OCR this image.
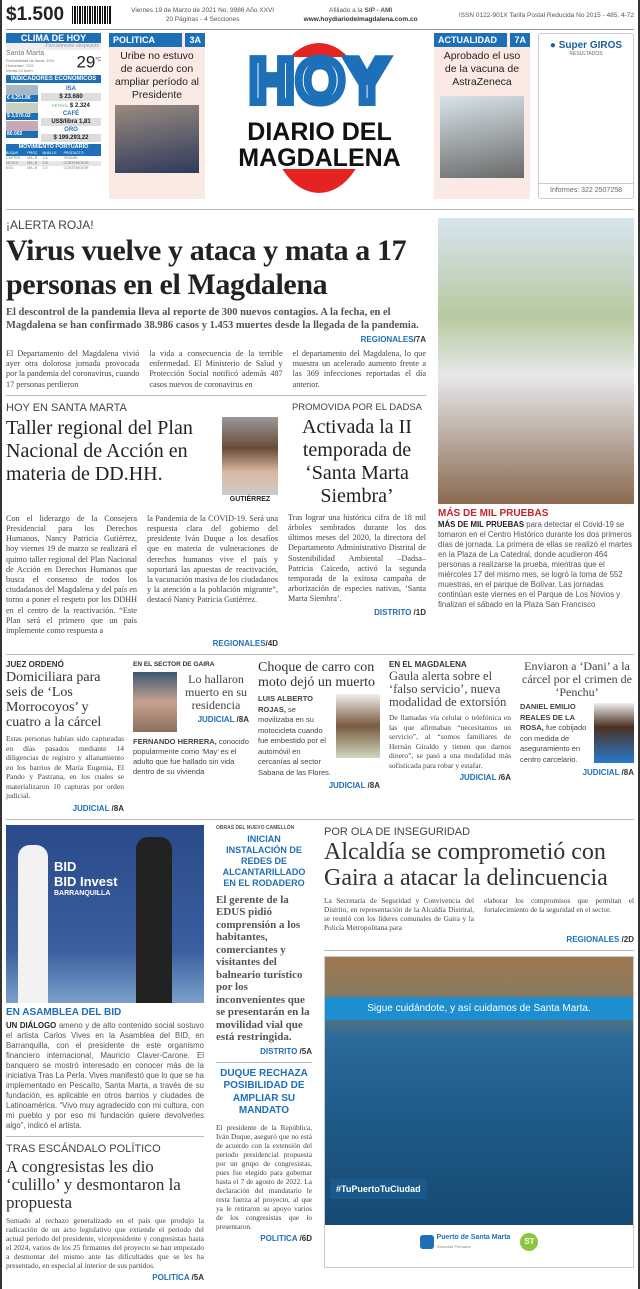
$1.500	Viernes 19 de Marzo de 2021 No. 9986 Año XXVI
20 Páginas - 4 Secciones
Afiliado a la SIP - AMI
www.hoydiariodelmagdalena.com.co
ISSN 0122-901X Tarifa Postal Reducida No 2015 - 485. 4-72
CLIMA DE HOY
Parcialmente despejado
Santa Marta
Probabilidad de lluvia: 10%
Humedad: 72%
Viento:24 km/h	$29^{^\circ C}$
INDICADORES ECONÓMICOS
€ 4,251.86
$ 3,570.02
80.002
ISA
$ 23.680
PETROL $ 2.324
CAFÉ
US$/libra 1,81
ORO
$ 199.293,22
MOVIMIENTO PORTUARIO
BUQUE	PROC	MUELLE	PRODUCTO
CAPTEN	MA.-R	1.8	GRANEL
NOTEX	MA.-R	2.B	CONTENEDOR
EXO	MA.-R	2.3	CONTENEDOR
POLITICA	3A
Uribe no estuvo de acuerdo con ampliar período al Presidente	HOY
DIARIO DEL
MAGDALENA
ACTUALIDAD	7A
Aprobado el uso de la vacuna de AstraZeneca
● Super GIROS
RESULTADOS
Informes: 322 2507258
¡ALERTA ROJA!
Virus vuelve y ataca y mata a 17 personas en el Magdalena
El descontrol de la pandemia lleva al reporte de 300 nuevos contagios. A la fecha, en el Magdalena se han confirmado 38.986 casos y 1.453 muertes desde la llegada de la pandemia.
REGIONALES/7A
El Departamento del Magdalena vivió ayer otra dolorosa jornada provocada por la pandemia del coronavirus, cuando 17 personas perdieron
la vida a consecuencia de la terrible enfermedad. El Ministerio de Salud y Protección Social notificó además 487 casos nuevos de coronavirus en
el departamento del Magdalena, lo que muestra un acelerado aumento frente a las 369 infecciones reportadas el día anterior.
HOY EN SANTA MARTA
GUTIÉRREZ
Taller regional del Plan Nacional de Acción en materia de DD.HH.
Con el liderazgo de la Consejera Presidencial para los Derechos Humanos, Nancy Patricia Gutiérrez, hoy viernes 19 de marzo se realizará el quinto taller regional del Plan Nacional de Acción en Derechos Humanos que busca el consenso de todos los ciudadanos del Magdalena y del país en torno a poner el respeto por los DDHH en el centro de la reactivación. “Este Plan será el primero que un país implemente como respuesta a
la Pandemia de la COVID-19. Será una respuesta clara del gobierno del presidente Iván Duque a los desafíos que en materia de vulneraciones de derechos humanos vive el país y soportará las apuestas de reactivación, la vacunación masiva de los ciudadanos y la atención a la población migrante”, destacó Nancy Patricia Gutiérrez.
REGIONALES/4D
PROMOVIDA POR EL DADSA
Activada la II temporada de ‘Santa Marta Siembra’
Tras lograr una histórica cifra de 18 mil árboles sembrados durante los dos últimos meses del 2020, la directora del Departamento Administrativo Distrital de Sostenibilidad Ambiental –Dadsa– Patricia Caicedo, activó la segunda temporada de la exitosa campaña de arborización de especies nativas, ‘Santa Marta Siembra’.
DISTRITO /1D
MÁS DE MIL PRUEBAS
MÁS DE MIL PRUEBAS para detectar el Covid-19 se tomaron en el Centro Histórico durante los dos primeros días de jornada. La primera de ellas se realizó el martes en la Plaza de La Catedral, donde acudieron 464 personas a realizarse la prueba, mientras que el miércoles 17 del mismo mes, se logró la toma de 552 muestras, en el parque de Bolívar. Las jornadas continúan este viernes en el Parque de Los Novios y finalizan el sábado en la Plaza San Francisco
JUEZ ORDENÓ
Domiciliara para seis de ‘Los Morrocoyos’ y cuatro a la cárcel
Estas personas habían sido capturadas en días pasados mediante 14 diligencias de registro y allanamiento en los barrios de María Eugenia, El Pando y Pastrana, en los cuales se materializaron 10 capturas por orden judicial.
JUDICIAL /8A
EN EL SECTOR DE GAIRA
Lo hallaron muerto en su residencia
JUDICIAL /8A
FERNANDO HERRERA, conocido popularmente como ‘May’ es el adulto que fue hallado sin vida dentro de su vivienda
Choque de carro con moto dejó un muerto
LUIS ALBERTO ROJAS, se movilizaba en su motocicleta cuando fue embestido por el automóvil en cercanías al sector Sabana de las Flores.
JUDICIAL /8A
EN EL MAGDALENA
Gaula alerta sobre el ‘falso servicio’, nueva modalidad de extorsión
De llamadas vía celular o telefónica en las que afirmaban “necesitamos un servicio”, al “somos familiares de Hernán Giraldo y tienen que darnos dinero”, se pasó a una modalidad más sofisticada para robar y estafar.
JUDICIAL /6A
Enviaron a ‘Dani’ a la cárcel por el crimen de ‘Penchu’
DANIEL EMILIO REALES DE LA ROSA, fue cobijado con medida de aseguramiento en centro carcelario.
JUDICIAL /8A
BID
BID Invest
BARRANQUILLA
EN ASAMBLEA DEL BID
UN DIÁLOGO ameno y de alto contenido social sostuvo el artista Carlos Vives en la Asamblea del BID, en Barranquilla, con el presidente de este organismo financiero internacional, Mauricio Claver-Carone. El banquero se mostró interesado en conocer más de la iniciativa Tras La Perla. Vives manifestó que lo que se ha implementado en Pescaíto, Santa Marta, a través de su fundación, es aplicable en otros barrios y ciudades de Latinoamérica. “Vivo muy agradecido con mi cultura, con mi pueblo y por eso mi fundación quiere devolverles algo”, indicó el artista.
TRAS ESCÁNDALO POLÍTICO
A congresistas les dio ‘culillo’ y desmontaron la propuesta
Sumado al rechazo generalizado en el país que produjo la radicación de un acto legislativo que extiende el periodo del actual período del presidente, vicepresidente y congresistas hasta el 2024, varios de los 25 firmantes del proyecto se han empezado a desmontar del mismo ante las dificultades que se les ha presentado, en especial al interior de sus partidos.
POLITICA /5A
OBRAS DEL NUEVO CAMELLÓN
INICIAN INSTALACIÓN DE REDES DE ALCANTARILLADO EN EL RODADERO
El gerente de la EDUS pidió comprensión a los habitantes, comerciantes y visitantes del balneario turístico por los inconvenientes que se presentarán en la movilidad vial que está restringida.
DISTRITO /5A
DUQUE RECHAZA POSIBILIDAD DE AMPLIAR SU MANDATO
El presidente de la República, Iván Duque, aseguró que no está de acuerdo con la extensión del periodo presidencial propuesta por un grupo de congresistas, pues fue elegido para gobernar hasta el 7 de agosto de 2022. La declaración del mandatario le resta fuerza al proyecto, al que ya le retiraron su apoyo varios de los congresistas que lo presentaron.
POLITICA /6D
POR OLA DE INSEGURIDAD
Alcaldía se comprometió con Gaira a atacar la delincuencia
La Secretaría de Seguridad y Convivencia del Distrito, en representación de la Alcaldía Distrital, se reunió con los líderes comunales de Gaira y la Policía Metropolitana para
elaborar los compromisos que permitan el fortalecimiento de la seguridad en el sector.
REGIONALES /2D
Sigue cuidándote, y así cuidamos de Santa Marta.
#TuPuertoTuCiudad
Puerto de Santa Marta
Sociedad Portuaria
ST
